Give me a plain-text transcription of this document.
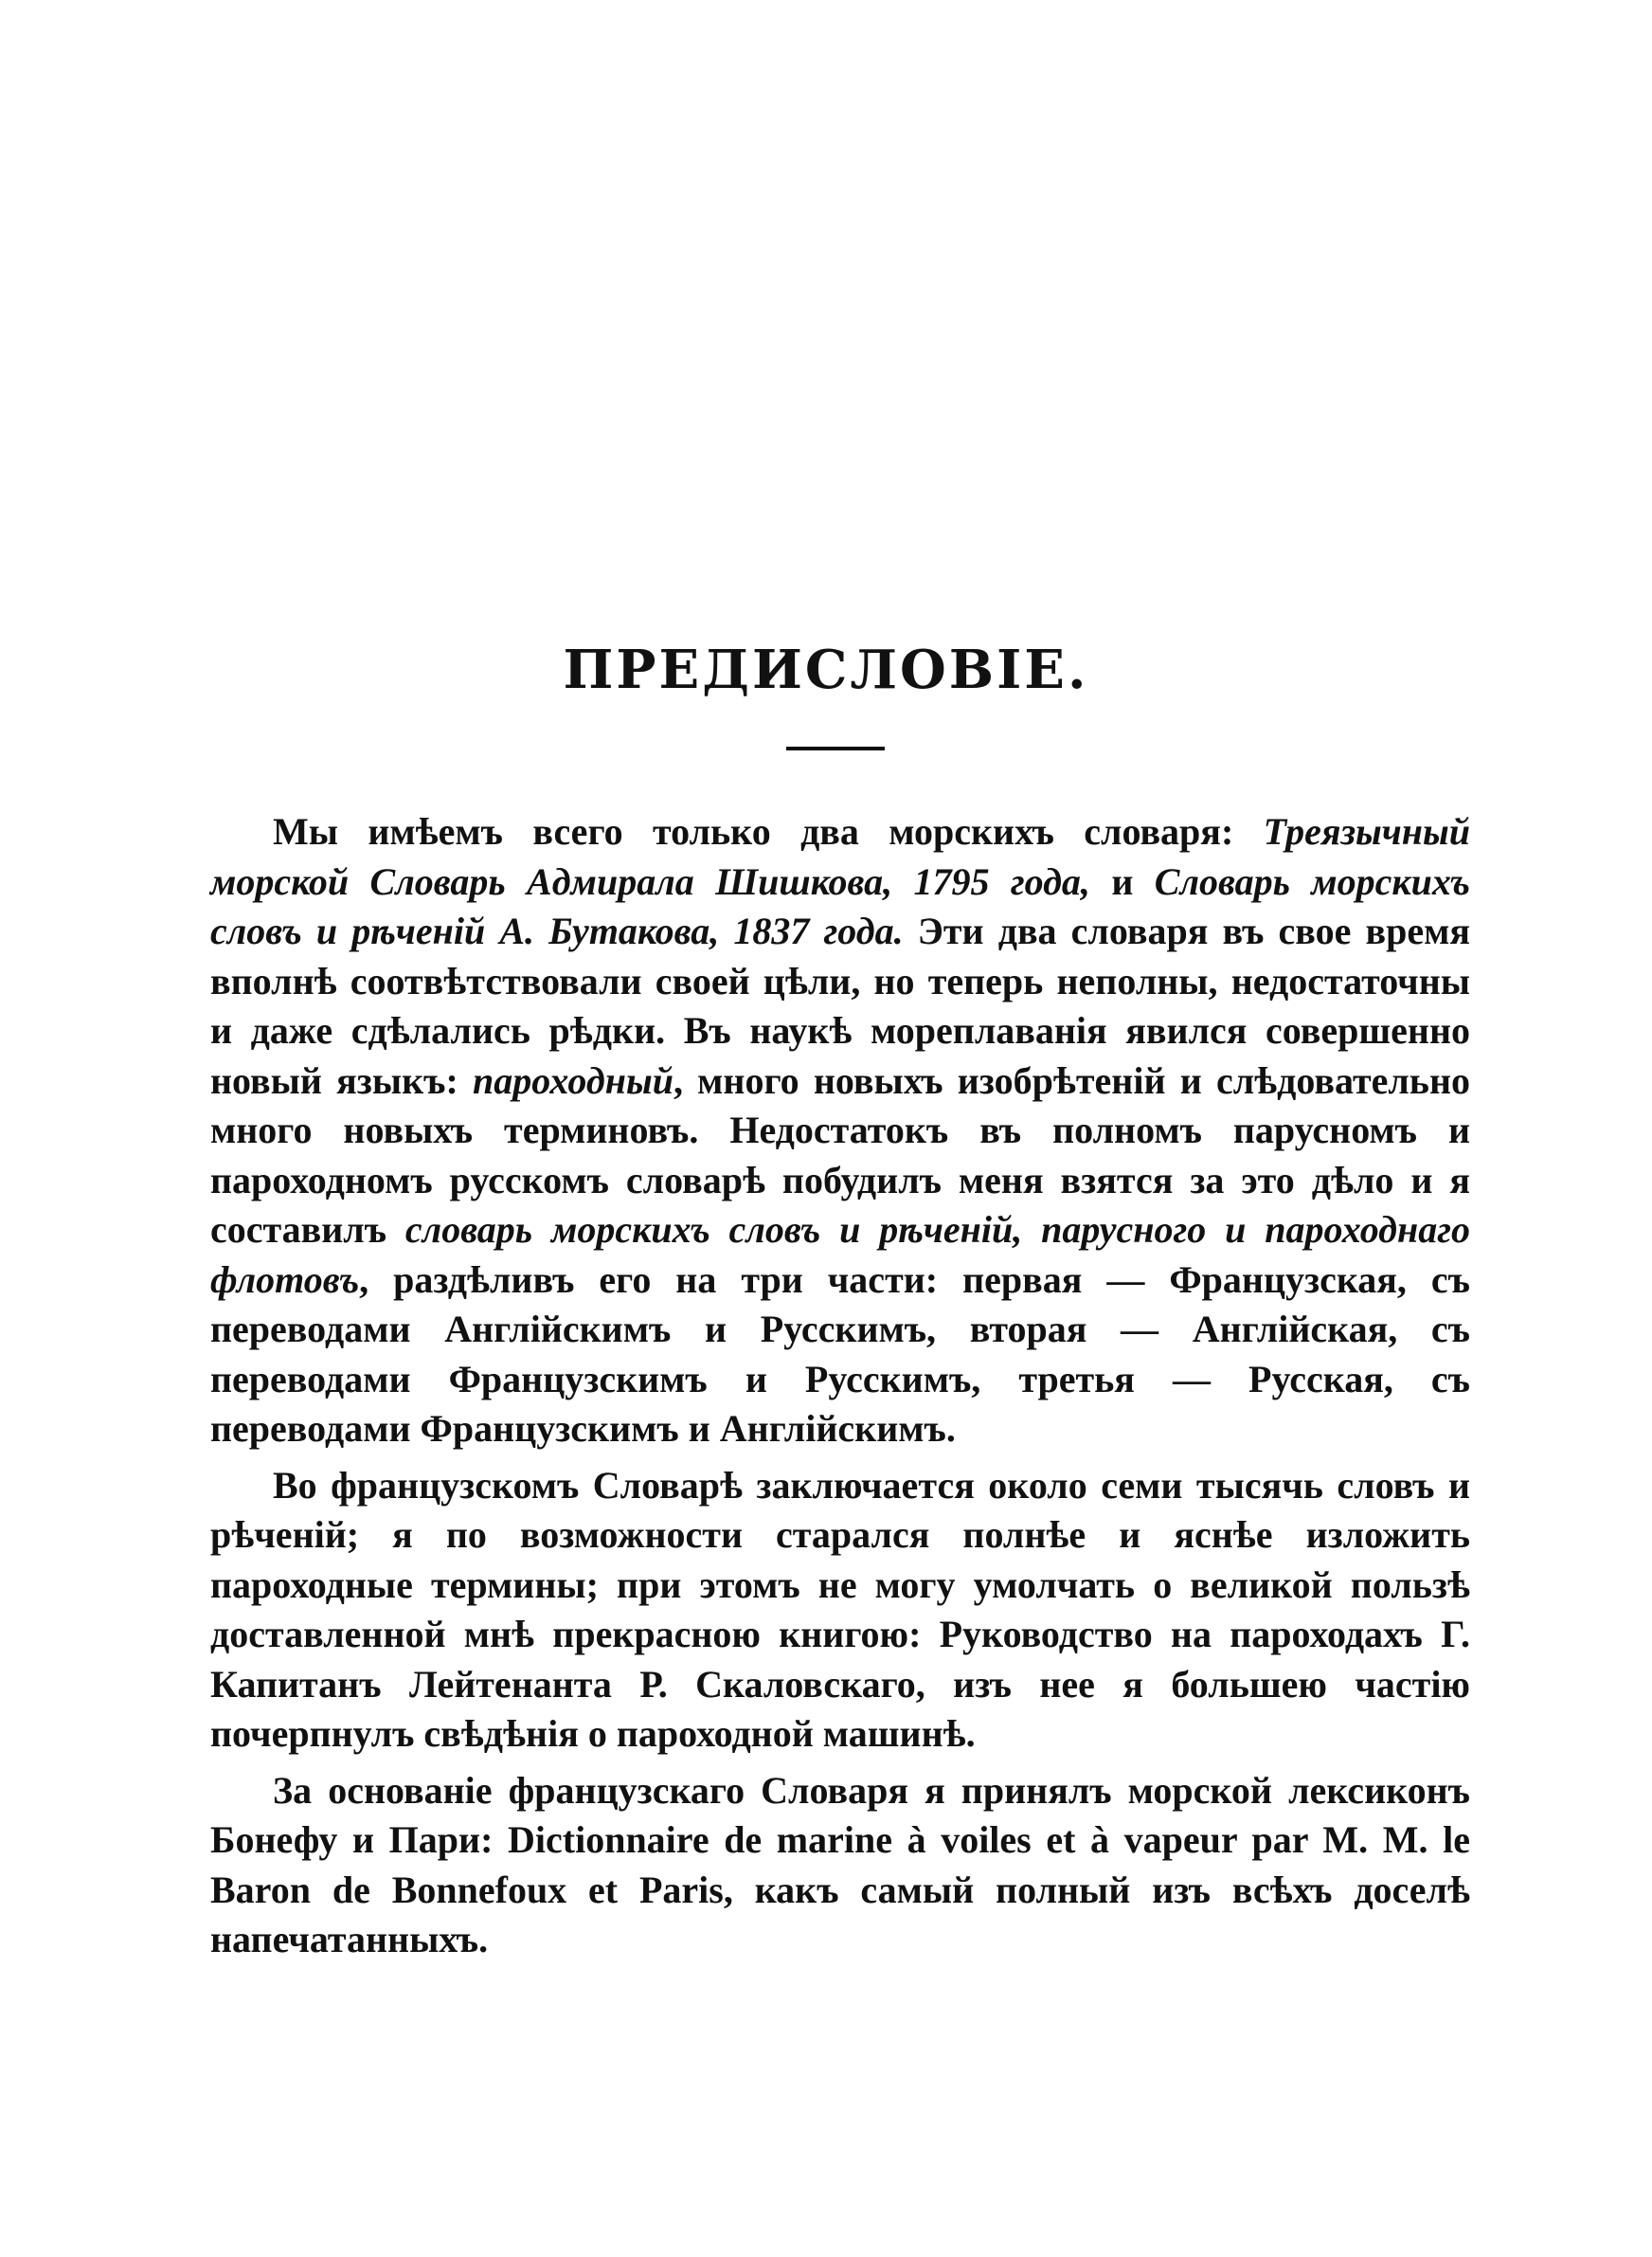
ПРЕДИСЛОВІЕ.

Мы имѣемъ всего только два морскихъ словаря: Треязычный морской Словарь Адмирала Шишкова, 1795 года, и Словарь морскихъ словъ и рѣченій А. Бутакова, 1837 года. Эти два словаря въ свое время вполнѣ соотвѣтствовали своей цѣли, но теперь неполны, недостаточны и даже сдѣлались рѣдки. Въ наукѣ мореплаванія явился совершенно новый языкъ: пароходный, много новыхъ изобрѣтеній и слѣдовательно много новыхъ терминовъ. Недостатокъ въ полномъ парусномъ и пароходномъ русскомъ словарѣ побудилъ меня взятся за это дѣло и я составилъ словарь морскихъ словъ и рѣченій, парусного и пароходнаго флотовъ, раздѣливъ его на три части: первая — Французская, съ переводами Англійскимъ и Русскимъ, вторая — Англійская, съ переводами Французскимъ и Русскимъ, третья — Русская, съ переводами Французскимъ и Англійскимъ.

Во французскомъ Словарѣ заключается около семи тысячь словъ и рѣченій; я по возможности старался полнѣе и яснѣе изложить пароходные термины; при этомъ не могу умолчать о великой пользѣ доставленной мнѣ прекрасною книгою: Руководство на пароходахъ Г. Капитанъ Лейтенанта Р. Скаловскаго, изъ нее я большею частію почерпнулъ свѣдѣнія о пароходной машинѣ.

За основаніе французскаго Словаря я принялъ морской лексиконъ Бонефу и Пари: Dictionnaire de marine à voiles et à vapeur par M. M. le Baron de Bonnefoux et Paris, какъ самый полный изъ всѣхъ доселѣ напечатанныхъ.
